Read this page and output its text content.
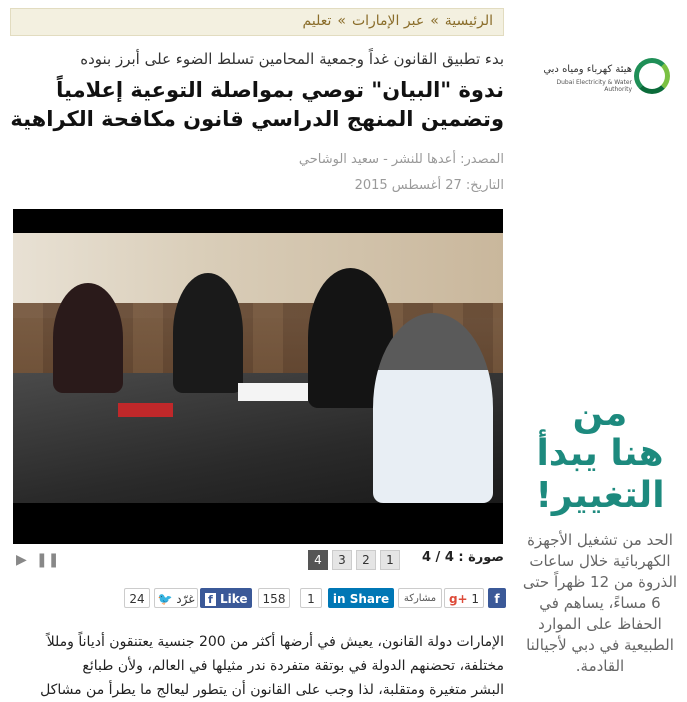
الرئيسية»عبر الإمارات»تعليم
بدء تطبيق القانون غداً وجمعية المحامين تسلط الضوء على أبرز بنوده
ندوة "البيان" توصي بمواصلة التوعية إعلامياً
وتضمين المنهج الدراسي قانون مكافحة الكراهية
المصدر: أعدها للنشر - سعيد الوشاحي
التاريخ: 27 أغسطس 2015
▶ ❚❚	4	3	2	1	صورة : 4 / 4
24	🐦 غرّد	f Like	158	1	in Share	مشاركة	g+ 1	f
الإمارات دولة القانون، يعيش في أرضها أكثر من 200 جنسية يعتنقون أدياناً ومللاً
مختلفة، تحضنهم الدولة في بوتقة متفردة ندر مثيلها في العالم، ولأن طبائع
البشر متغيرة ومتقلبة، لذا وجب على القانون أن يتطور ليعالج ما يطرأ من مشاكل
هيئة كهرباء ومياه دبي
Dubai Electricity & Water Authority
من
هنا يبدأ
التغيير!
الحد من تشغيل الأجهزة الكهربائية خلال ساعات الذروة من 12 ظهراً حتى 6 مساءً، يساهم في الحفاظ على الموارد الطبيعية في دبي لأجيالنا القادمة.
